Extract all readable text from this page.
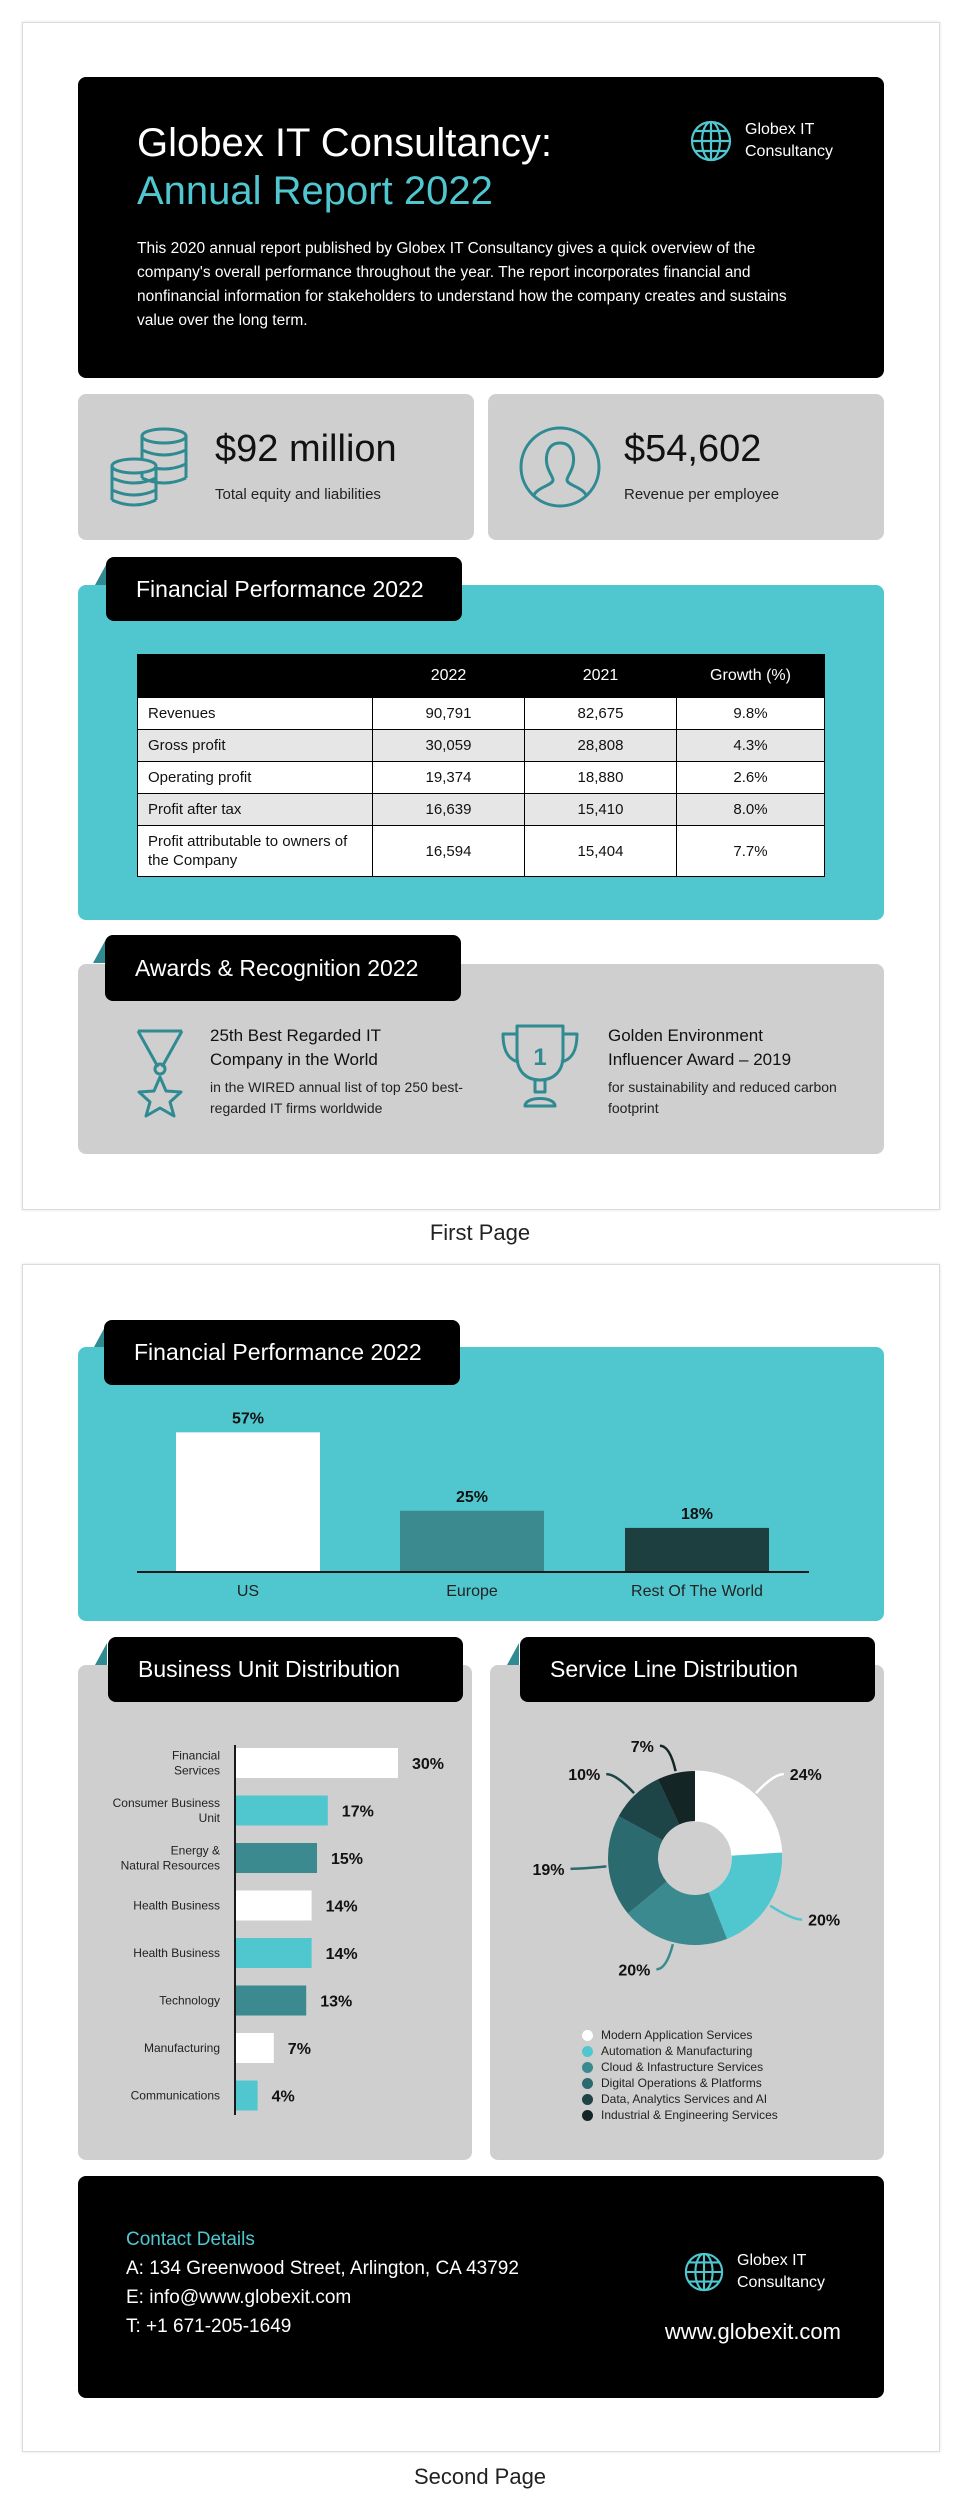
Globex IT Consultancy:
Annual Report 2022
Globex IT
Consultancy
This 2020 annual report published by Globex IT Consultancy gives a quick overview of the company's overall performance throughout the year. The report incorporates financial and nonfinancial information for stakeholders to understand how the company creates and sustains value over the long term.
$92 million
Total equity and liabilities
$54,602
Revenue per employee
Financial Performance 2022
	2022	2021	Growth (%)
Revenues	90,791	82,675	9.8%
Gross profit	30,059	28,808	4.3%
Operating profit	19,374	18,880	2.6%
Profit after tax	16,639	15,410	8.0%
Profit attributable to owners of the Company	16,594	15,404	7.7%
Awards & Recognition 2022
25th Best Regarded IT Company in the World
in the WIRED annual list of top 250 best-regarded IT firms worldwide
1
Golden Environment Influencer Award – 2019
for sustainability and reduced carbon footprint
First Page
Financial Performance 2022
57%
US
25%
Europe
18%
Rest Of The World
Business Unit Distribution
30%
Financial Services
17%
Consumer Business Unit
15%
Energy & Natural Resources
14%
Health Business
14%
Health Business
13%
Technology
7%
Manufacturing
4%
Communications
Service Line Distribution
24%
20%
20%
19%
10%
7%
Modern Application Services
Automation & Manufacturing
Cloud & Infastructure Services
Digital Operations & Platforms
Data, Analytics Services and AI
Industrial & Engineering Services
Contact Details
A: 134 Greenwood Street, Arlington, CA 43792
E: info@www.globexit.com
T: +1 671-205-1649
Globex IT
Consultancy
www.globexit.com
Second Page
